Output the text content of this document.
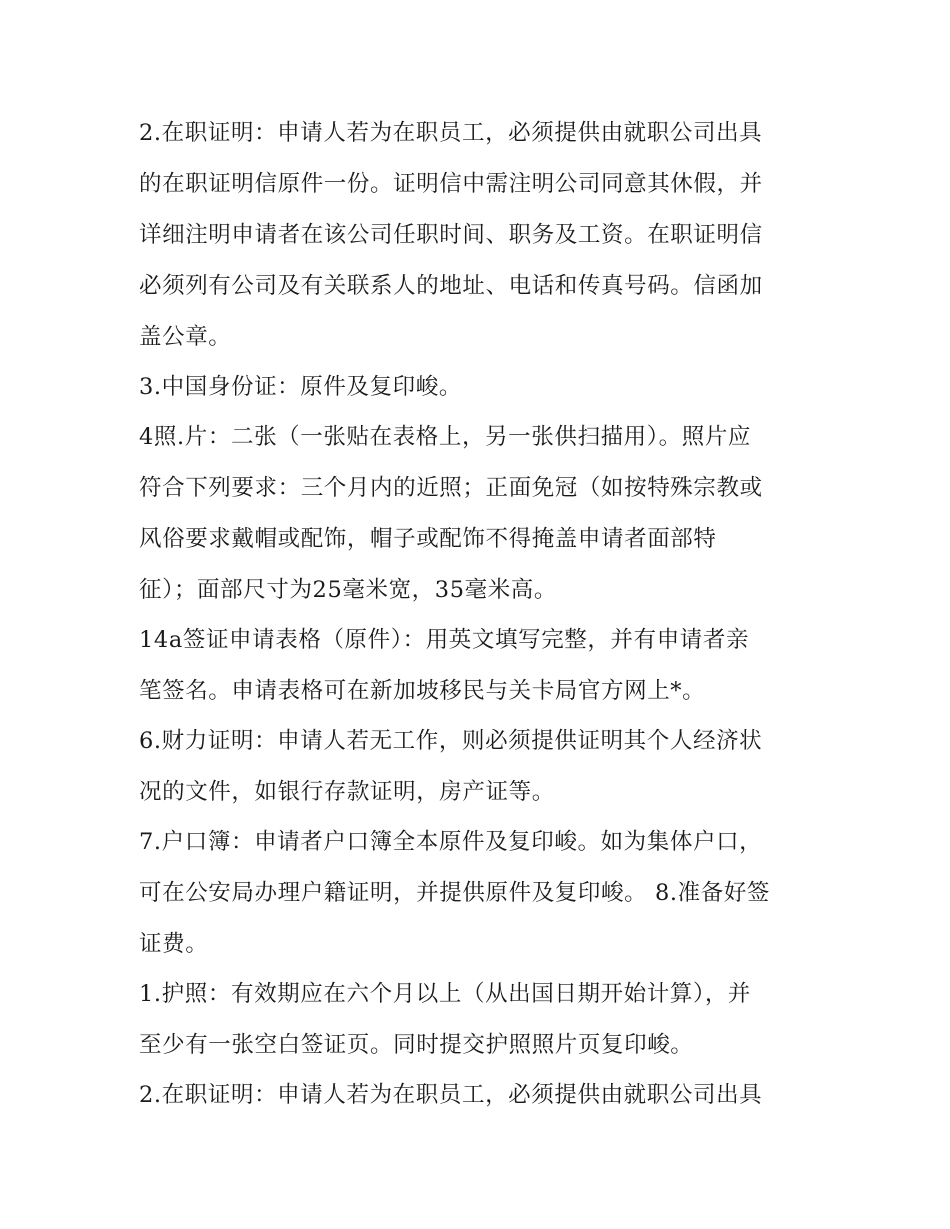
2.在职证明：申请人若为在职员工，必须提供由就职公司出具
的在职证明信原件一份。证明信中需注明公司同意其休假，并
详细注明申请者在该公司任职时间、职务及工资。在职证明信
必须列有公司及有关联系人的地址、电话和传真号码。信函加
盖公章。

3.中国身份证：原件及复印峻。

4照.片：二张（一张贴在表格上，另一张供扫描用）。照片应
符合下列要求：三个月内的近照；正面免冠（如按特殊宗教或
风俗要求戴帽或配饰，帽子或配饰不得掩盖申请者面部特
征）；面部尺寸为25毫米宽，35毫米高。

14a签证申请表格（原件）：用英文填写完整，并有申请者亲
笔签名。申请表格可在新加坡移民与关卡局官方网上*。

6.财力证明：申请人若无工作，则必须提供证明其个人经济状
况的文件，如银行存款证明，房产证等。

7.户口簿：申请者户口簿全本原件及复印峻。如为集体户口，
可在公安局办理户籍证明，并提供原件及复印峻。 8.准备好签
证费。

1.护照：有效期应在六个月以上（从出国日期开始计算），并
至少有一张空白签证页。同时提交护照照片页复印峻。

2.在职证明：申请人若为在职员工，必须提供由就职公司出具
